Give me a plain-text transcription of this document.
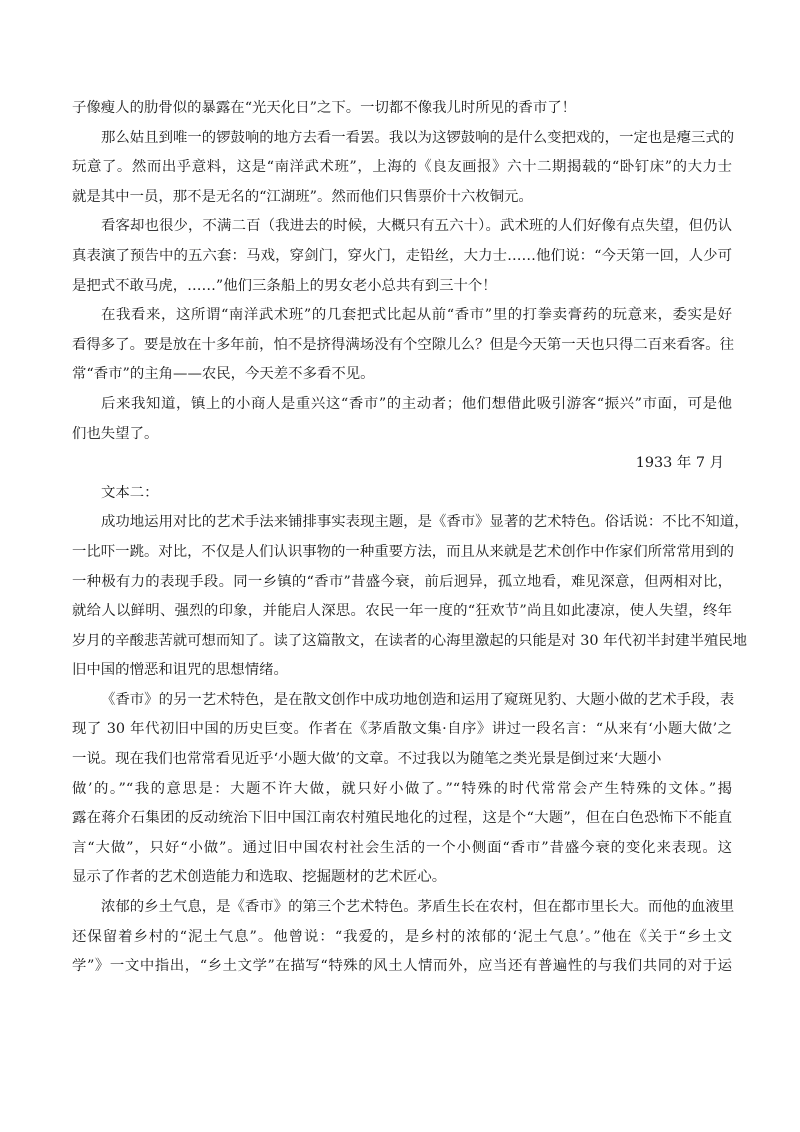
子像瘦人的肋骨似的暴露在“光天化日”之下。一切都不像我儿时所见的香市了！
那么姑且到唯一的锣鼓响的地方去看一看罢。我以为这锣鼓响的是什么变把戏的，一定也是瘪三式的
玩意了。然而出乎意料，这是“南洋武术班”，上海的《良友画报》六十二期揭载的“卧钉床”的大力士
就是其中一员，那不是无名的“江湖班”。然而他们只售票价十六枚铜元。
看客却也很少，不满二百（我进去的时候，大概只有五六十）。武术班的人们好像有点失望，但仍认
真表演了预告中的五六套：马戏，穿剑门，穿火门，走铅丝，大力士……他们说：“今天第一回，人少可
是把式不敢马虎，……”他们三条船上的男女老小总共有到三十个！
在我看来，这所谓“南洋武术班”的几套把式比起从前“香市”里的打拳卖膏药的玩意来，委实是好
看得多了。要是放在十多年前，怕不是挤得满场没有个空隙儿么？但是今天第一天也只得二百来看客。往
常“香市”的主角——农民，今天差不多看不见。
后来我知道，镇上的小商人是重兴这“香市”的主动者；他们想借此吸引游客“振兴”市面，可是他
们也失望了。
1933 年 7 月
文本二：
成功地运用对比的艺术手法来铺排事实表现主题，是《香市》显著的艺术特色。俗话说：不比不知道，
一比吓一跳。对比，不仅是人们认识事物的一种重要方法，而且从来就是艺术创作中作家们所常常用到的
一种极有力的表现手段。同一乡镇的“香市”昔盛今衰，前后迥异，孤立地看，难见深意，但两相对比，
就给人以鲜明、强烈的印象，并能启人深思。农民一年一度的“狂欢节”尚且如此凄凉，使人失望，终年
岁月的辛酸悲苦就可想而知了。读了这篇散文，在读者的心海里激起的只能是对 30 年代初半封建半殖民地
旧中国的憎恶和诅咒的思想情绪。
《香市》的另一艺术特色，是在散文创作中成功地创造和运用了窥斑见豹、大题小做的艺术手段，表
现了 30 年代初旧中国的历史巨变。作者在《茅盾散文集·自序》讲过一段名言：“从来有‘小题大做’之
一说。现在我们也常常看见近乎‘小题大做’的文章。不过我以为随笔之类光景是倒过来‘大题小
做’的。”“我的意思是：大题不许大做，就只好小做了。”“特殊的时代常常会产生特殊的文体。”揭
露在蒋介石集团的反动统治下旧中国江南农村殖民地化的过程，这是个“大题”，但在白色恐怖下不能直
言“大做”，只好“小做”。通过旧中国农村社会生活的一个小侧面“香市”昔盛今衰的变化来表现。这
显示了作者的艺术创造能力和选取、挖掘题材的艺术匠心。
浓郁的乡土气息，是《香市》的第三个艺术特色。茅盾生长在农村，但在都市里长大。而他的血液里
还保留着乡村的“泥土气息”。他曾说：“我爱的，是乡村的浓郁的‘泥土气息’。”他在《关于“乡土文
学”》一文中指出，“乡土文学”在描写“特殊的风土人情而外，应当还有普遍性的与我们共同的对于运
